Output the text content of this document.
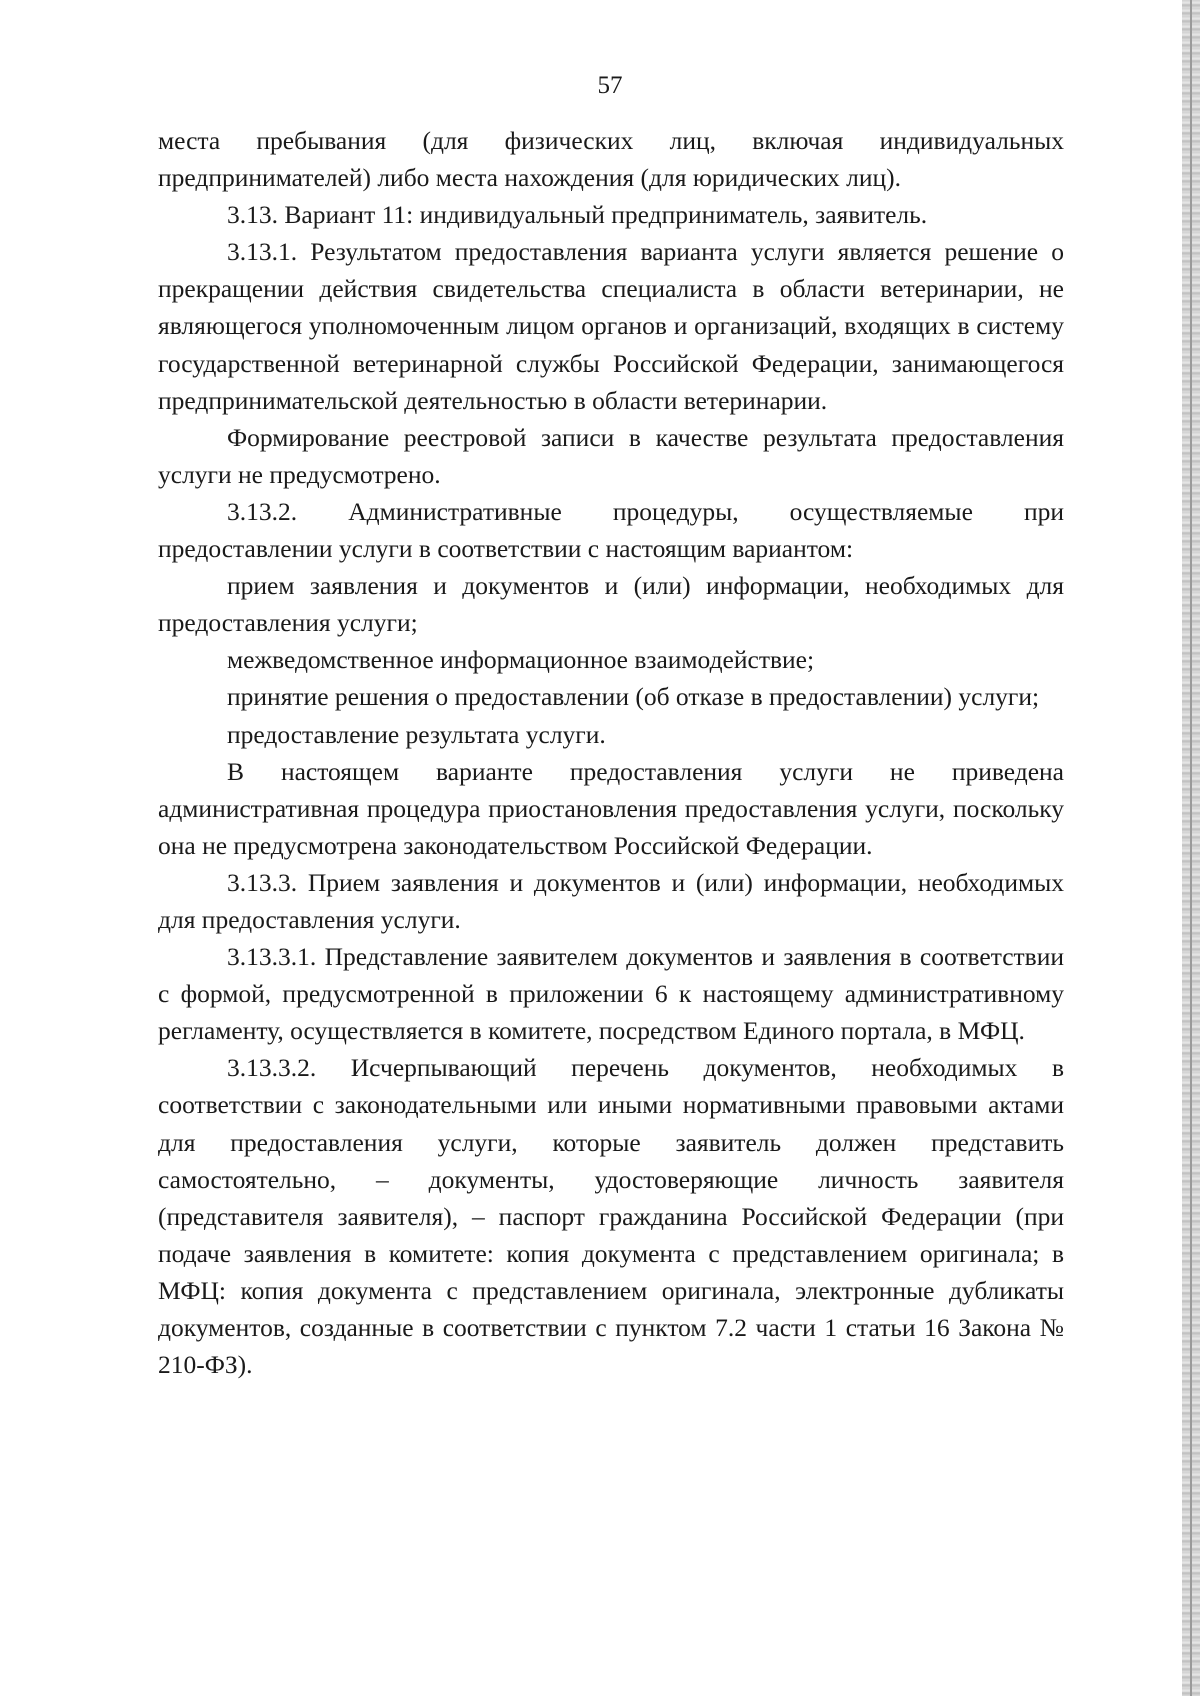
57

места пребывания (для физических лиц, включая индивидуальных предпринимателей) либо места нахождения (для юридических лиц).

3.13. Вариант 11: индивидуальный предприниматель, заявитель.

3.13.1. Результатом предоставления варианта услуги является решение о прекращении действия свидетельства специалиста в области ветеринарии, не являющегося уполномоченным лицом органов и организаций, входящих в систему государственной ветеринарной службы Российской Федерации, занимающегося предпринимательской деятельностью в области ветеринарии.

Формирование реестровой записи в качестве результата предоставления услуги не предусмотрено.

3.13.2. Административные процедуры, осуществляемые при предоставлении услуги в соответствии с настоящим вариантом:

прием заявления и документов и (или) информации, необходимых для предоставления услуги;

межведомственное информационное взаимодействие;

принятие решения о предоставлении (об отказе в предоставлении) услуги;

предоставление результата услуги.

В настоящем варианте предоставления услуги не приведена административная процедура приостановления предоставления услуги, поскольку она не предусмотрена законодательством Российской Федерации.

3.13.3. Прием заявления и документов и (или) информации, необходимых для предоставления услуги.

3.13.3.1. Представление заявителем документов и заявления в соответствии с формой, предусмотренной в приложении 6 к настоящему административному регламенту, осуществляется в комитете, посредством Единого портала, в МФЦ.

3.13.3.2. Исчерпывающий перечень документов, необходимых в соответствии с законодательными или иными нормативными правовыми актами для предоставления услуги, которые заявитель должен представить самостоятельно, – документы, удостоверяющие личность заявителя (представителя заявителя), – паспорт гражданина Российской Федерации (при подаче заявления в комитете: копия документа с представлением оригинала; в МФЦ: копия документа с представлением оригинала, электронные дубликаты документов, созданные в соответствии с пунктом 7.2 части 1 статьи 16 Закона № 210-ФЗ).
